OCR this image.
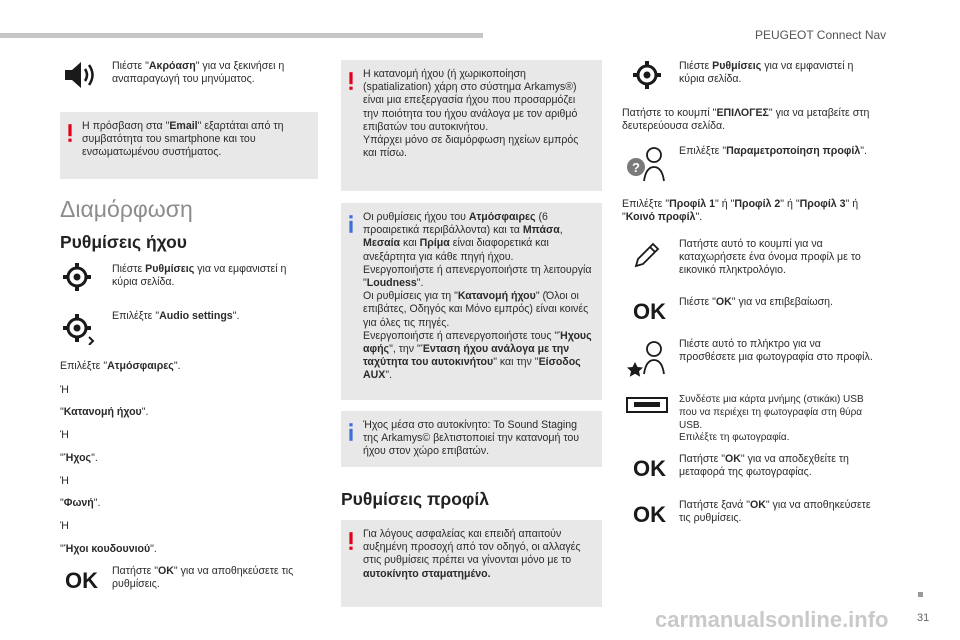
PEUGEOT Connect Nav

Πιέστε "Ακρόαση" για να ξεκινήσει η αναπαραγωγή του μηνύματος.

Η πρόσβαση στα "Email" εξαρτάται από τη συμβατότητα του smartphone και του ενσωματωμένου συστήματος.
Διαμόρφωση
Ρυθμίσεις ήχου

Πιέστε Ρυθμίσεις για να εμφανιστεί η κύρια σελίδα.

Επιλέξτε "Audio settings".

Επιλέξτε "Ατμόσφαιρες".

Ή

"Κατανομή ήχου".

Ή

"Ήχος".

Ή

"Φωνή".

Ή

"Ήχοι κουδουνιού".

OK Πατήστε "OK" για να αποθηκεύσετε τις ρυθμίσεις.

Η κατανομή ήχου (ή χωρικοποίηση (spatialization) χάρη στο σύστημα Arkamys®) είναι μια επεξεργασία ήχου που προσαρμόζει την ποιότητα του ήχου ανάλογα με τον αριθμό επιβατών του αυτοκινήτου.
Υπάρχει μόνο σε διαμόρφωση ηχείων εμπρός και πίσω.
Οι ρυθμίσεις ήχου του Ατμόσφαιρες (6 προαιρετικά περιβάλλοντα) και τα Μπάσα, Μεσαία και Πρίμα είναι διαφορετικά και ανεξάρτητα για κάθε πηγή ήχου.
Ενεργοποιήστε ή απενεργοποιήστε τη λειτουργία "Loudness".
Οι ρυθμίσεις για τη "Κατανομή ήχου" (Όλοι οι επιβάτες, Οδηγός και Μόνο εμπρός) είναι κοινές για όλες τις πηγές.
Ενεργοποιήστε ή απενεργοποιήστε τους "Ήχους αφής", την "Ένταση ήχου ανάλογα με την ταχύτητα του αυτοκινήτου" και την "Είσοδος AUX".
Ήχος μέσα στο αυτοκίνητο: To Sound Staging της Arkamys© βελτιστοποιεί την κατανομή του ήχου στον χώρο επιβατών.
Ρυθμίσεις προφίλ
Για λόγους ασφαλείας και επειδή απαιτούν αυξημένη προσοχή από τον οδηγό, οι αλλαγές στις ρυθμίσεις πρέπει να γίνονται μόνο με το αυτοκίνητο σταματημένο.

Πιέστε Ρυθμίσεις για να εμφανιστεί η κύρια σελίδα.

Πατήστε το κουμπί "ΕΠΙΛΟΓΕΣ" για να μεταβείτε στη δευτερεύουσα σελίδα.

?

Επιλέξτε "Παραμετροποίηση προφίλ".

Επιλέξτε "Προφίλ 1" ή "Προφίλ 2" ή "Προφίλ 3" ή "Κοινό προφίλ".

Πατήστε αυτό το κουμπί για να καταχωρήσετε ένα όνομα προφίλ με το εικονικό πληκτρολόγιο.

OK Πιέστε "OK" για να επιβεβαίωση.

Πιέστε αυτό το πλήκτρο για να προσθέσετε μια φωτογραφία στο προφίλ.

Συνδέστε μια κάρτα μνήμης (στικάκι) USB που να περιέχει τη φωτογραφία στη θύρα USB.
Επιλέξτε τη φωτογραφία.

OK Πατήστε "OK" για να αποδεχθείτε τη μεταφορά της φωτογραφίας.

OK Πατήστε ξανά "OK" για να αποθηκεύσετε τις ρυθμίσεις.

carmanualsonline.info	31
